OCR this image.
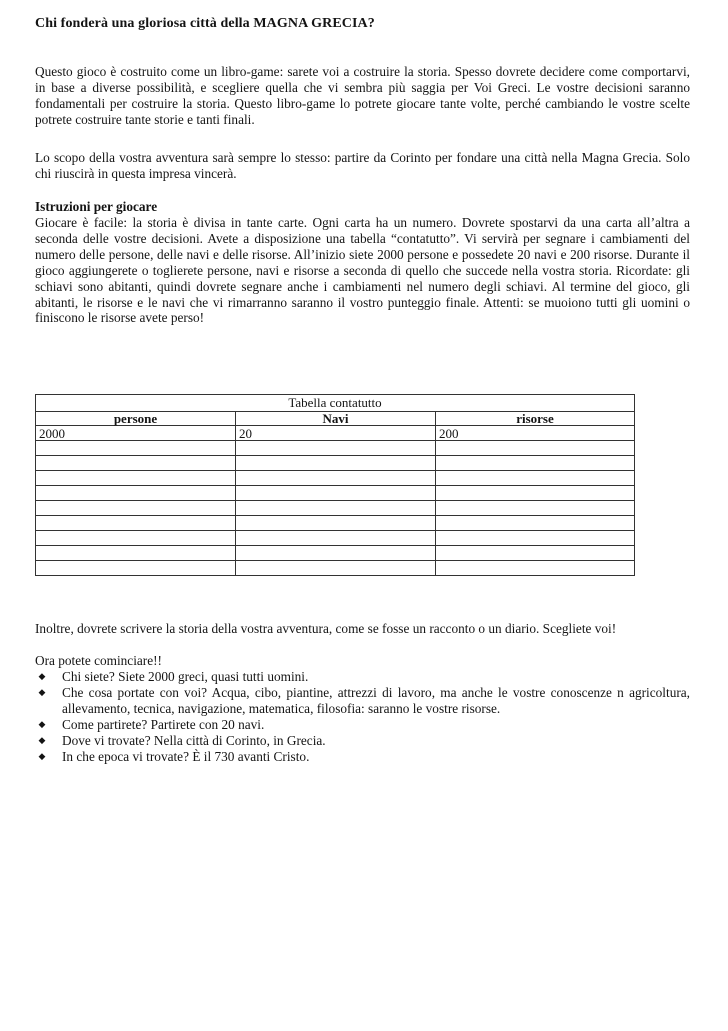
Chi fonderà una gloriosa città della MAGNA GRECIA?

Questo gioco è costruito come un libro-game: sarete voi a costruire la storia. Spesso dovrete decidere come comportarvi, in base a diverse possibilità, e scegliere quella che vi sembra più saggia per Voi Greci. Le vostre decisioni saranno fondamentali per costruire la storia. Questo libro-game lo potrete giocare tante volte, perché cambiando le vostre scelte potrete costruire tante storie e tanti finali.

Lo scopo della vostra avventura sarà sempre lo stesso: partire da Corinto per fondare una città nella Magna Grecia. Solo chi riuscirà in questa impresa vincerà.

Istruzioni per giocare

Giocare è facile: la storia è divisa in tante carte. Ogni carta ha un numero. Dovrete spostarvi da una carta all’altra a seconda delle vostre decisioni. Avete a disposizione una tabella “contatutto”. Vi servirà per segnare i cambiamenti del numero delle persone, delle navi e delle risorse. All’inizio siete 2000 persone e possedete 20 navi e 200 risorse. Durante il gioco aggiungerete o toglierete persone, navi e risorse a seconda di quello che succede nella vostra storia. Ricordate: gli schiavi sono abitanti, quindi dovrete segnare anche i cambiamenti nel numero degli schiavi. Al termine del gioco, gli abitanti, le risorse e le navi che vi rimarranno saranno il vostro punteggio finale. Attenti: se muoiono tutti gli uomini o finiscono le risorse avete perso!

Tabella contatutto		
persone	Navi	risorse
2000	20	200

Inoltre, dovrete scrivere la storia della vostra avventura, come se fosse un racconto o un diario. Scegliete voi!

Ora potete cominciare!!
◆ Chi siete? Siete 2000 greci, quasi tutti uomini.
◆ Che cosa portate con voi? Acqua, cibo, piantine, attrezzi di lavoro, ma anche le vostre conoscenze n agricoltura, allevamento, tecnica, navigazione, matematica, filosofia: saranno le vostre risorse.
◆ Come partirete? Partirete con 20 navi.
◆ Dove vi trovate? Nella città di Corinto, in Grecia.
◆ In che epoca vi trovate? È il 730 avanti Cristo.
